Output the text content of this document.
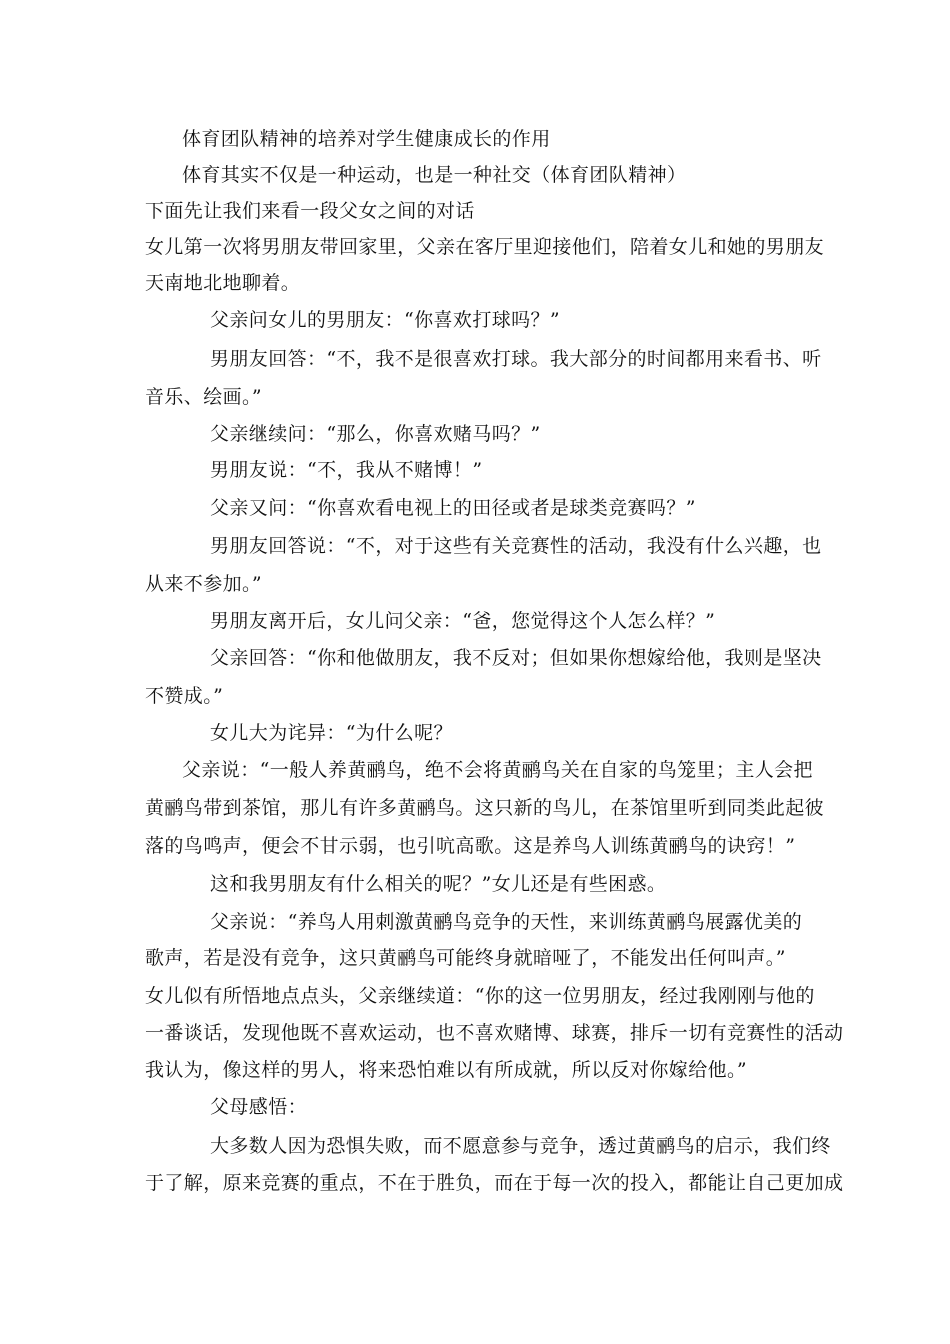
体育团队精神的培养对学生健康成长的作用
体育其实不仅是一种运动，也是一种社交（体育团队精神）
下面先让我们来看一段父女之间的对话
女儿第一次将男朋友带回家里，父亲在客厅里迎接他们，陪着女儿和她的男朋友
天南地北地聊着。
父亲问女儿的男朋友：“你喜欢打球吗？”
男朋友回答：“不，我不是很喜欢打球。我大部分的时间都用来看书、听
音乐、绘画。”
父亲继续问：“那么，你喜欢赌马吗？”
男朋友说：“不，我从不赌博！”
父亲又问：“你喜欢看电视上的田径或者是球类竞赛吗？”
男朋友回答说：“不，对于这些有关竞赛性的活动，我没有什么兴趣，也
从来不参加。”
男朋友离开后，女儿问父亲：“爸，您觉得这个人怎么样？”
父亲回答：“你和他做朋友，我不反对；但如果你想嫁给他，我则是坚决
不赞成。”
女儿大为诧异：“为什么呢？
父亲说：“一般人养黄鹂鸟，绝不会将黄鹂鸟关在自家的鸟笼里；主人会把
黄鹂鸟带到茶馆，那儿有许多黄鹂鸟。这只新的鸟儿，在茶馆里听到同类此起彼
落的鸟鸣声，便会不甘示弱，也引吭高歌。这是养鸟人训练黄鹂鸟的诀窍！”
这和我男朋友有什么相关的呢？”女儿还是有些困惑。
父亲说：“养鸟人用刺激黄鹂鸟竞争的天性，来训练黄鹂鸟展露优美的
歌声，若是没有竞争，这只黄鹂鸟可能终身就暗哑了，不能发出任何叫声。”
女儿似有所悟地点点头，父亲继续道：“你的这一位男朋友，经过我刚刚与他的
一番谈话，发现他既不喜欢运动，也不喜欢赌博、球赛，排斥一切有竞赛性的活动
我认为，像这样的男人，将来恐怕难以有所成就，所以反对你嫁给他。”
父母感悟：
大多数人因为恐惧失败，而不愿意参与竞争，透过黄鹂鸟的启示，我们终
于了解，原来竞赛的重点，不在于胜负，而在于每一次的投入，都能让自己更加成
